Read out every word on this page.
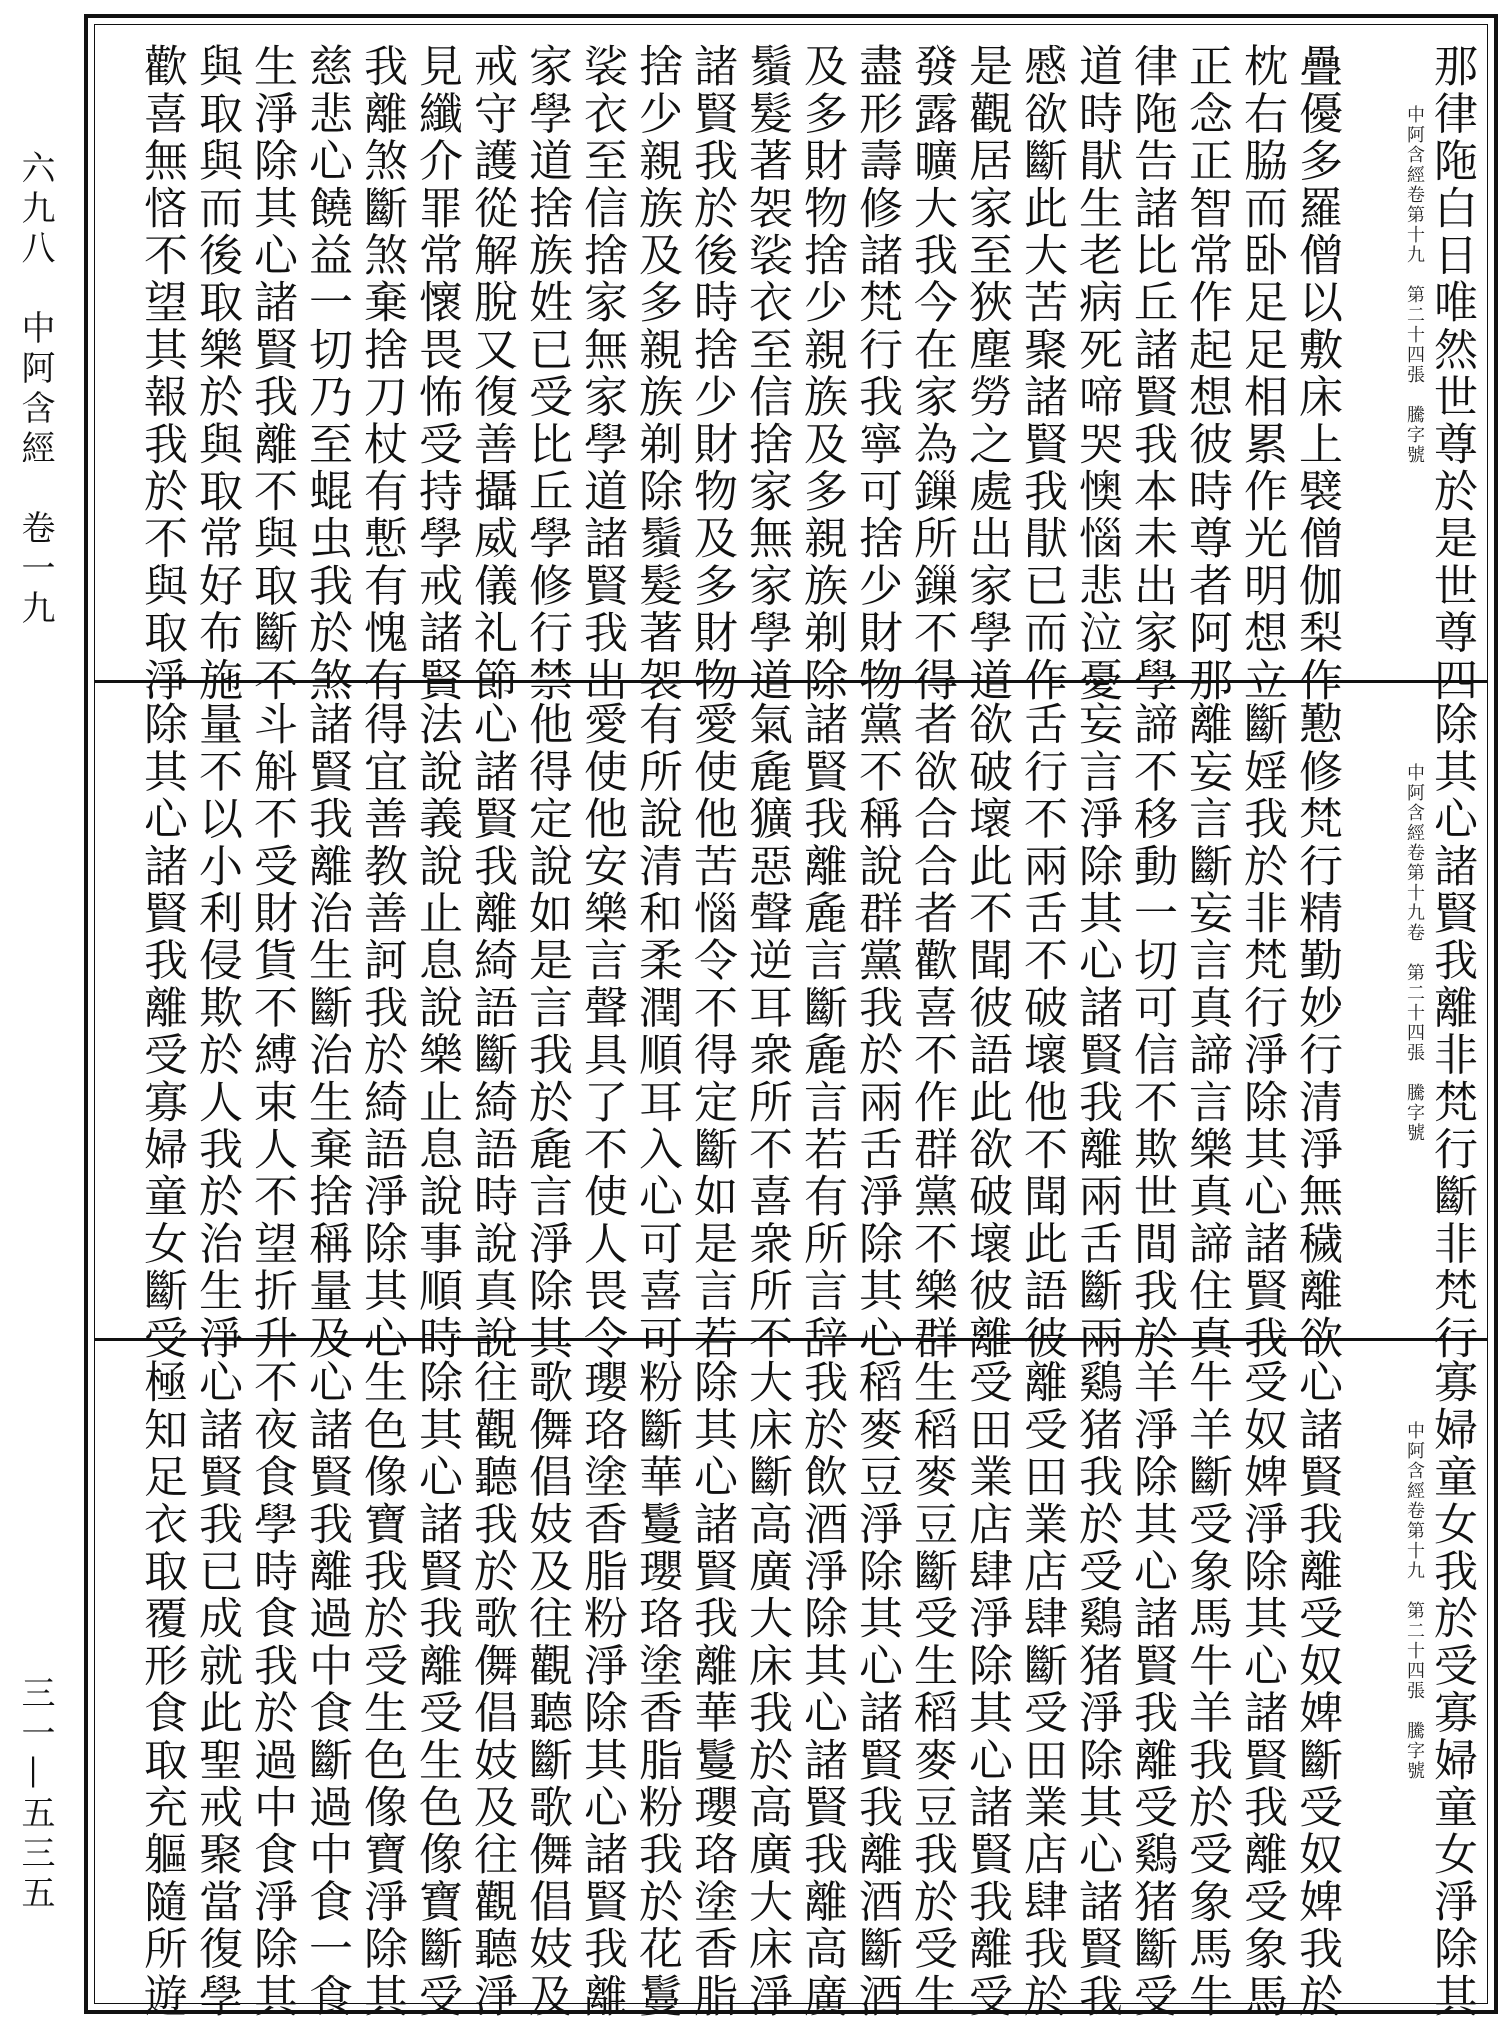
六九八　中阿含經　卷一九
三一—五三五
中阿含經卷第十九　第二十四張　騰字號 那律陁白日唯然世尊於是世尊四
疊優多羅僧以敷床上襞僧伽梨作
枕右脇而卧足足相累作光明想立
正念正智常作起想彼時尊者阿那
律陁告諸比丘諸賢我本未出家學
道時猒生老病死啼哭懊惱悲泣憂
慼欲斷此大苦聚諸賢我猒已而作
是觀居家至狹塵勞之處出家學道
發露曠大我今在家為鏁所鏁不得
盡形壽修諸梵行我寧可捨少財物
及多財物捨少親族及多親族剃除
鬚髮著袈裟衣至信捨家無家學道
諸賢我於後時捨少財物及多財物
捨少親族及多親族剃除鬚髮著袈
裟衣至信捨家無家學道諸賢我出
家學道捨族姓已受比丘學修行禁
戒守護從解脫又復善攝威儀礼節
見纖介罪常懷畏怖受持學戒諸賢
我離煞斷煞棄捨刀杖有慙有愧有
慈悲心饒益一切乃至蜫虫我於煞
生淨除其心諸賢我離不與取斷不
與取與而後取樂於與取常好布施
歡喜無悋不望其報我於不與取淨
中阿含經卷第十九卷　第二十四張　騰字號 除其心諸賢我離非梵行斷非梵行
懃修梵行精勤妙行清淨無穢離欲
斷婬我於非梵行淨除其心諸賢我
離妄言斷妄言真諦言樂真諦住真
諦不移動一切可信不欺世間我於
妄言淨除其心諸賢我離兩舌斷兩
舌行不兩舌不破壞他不聞此語彼
欲破壞此不聞彼語此欲破壞彼離
者欲合合者歡喜不作群黨不樂群
黨不稱說群黨我於兩舌淨除其心
諸賢我離麁言斷麁言若有所言辞
氣麁獷惡聲逆耳衆所不喜衆所不
愛使他苦惱令不得定斷如是言若
有所說清和柔潤順耳入心可喜可
愛使他安樂言聲具了不使人畏令
他得定說如是言我於麁言淨除其
心諸賢我離綺語斷綺語時說真說
法說義說止息說樂止息說事順時
得宜善教善訶我於綺語淨除其心
諸賢我離治生斷治生棄捨稱量及
斗斛不受財貨不縛束人不望折升
量不以小利侵欺於人我於治生淨
除其心諸賢我離受寡婦童女斷受
中阿含經卷第十九　第二十四張　騰字號 寡婦童女我於受寡婦童女淨除其
心諸賢我離受奴婢斷受奴婢我於
受奴婢淨除其心諸賢我離受象馬
牛羊斷受象馬牛羊我於受象馬牛
羊淨除其心諸賢我離受鷄猪斷受
鷄猪我於受鷄猪淨除其心諸賢我
離受田業店肆斷受田業店肆我於
受田業店肆淨除其心諸賢我離受
生稻麥豆斷受生稻麥豆我於受生
稻麥豆淨除其心諸賢我離酒斷酒
我於飲酒淨除其心諸賢我離高廣
大床斷高廣大床我於高廣大床淨
除其心諸賢我離華鬘瓔珞塗香脂
粉斷華鬘瓔珞塗香脂粉我於花鬘
瓔珞塗香脂粉淨除其心諸賢我離
歌儛倡妓及往觀聽斷歌儛倡妓及
往觀聽我於歌儛倡妓及往觀聽淨
除其心諸賢我離受生色像寶斷受
生色像寶我於受生色像寶淨除其
心諸賢我離過中食斷過中食一食
不夜食學時食我於過中食淨除其
心諸賢我已成就此聖戒聚當復學
極知足衣取覆形食取充軀隨所遊
